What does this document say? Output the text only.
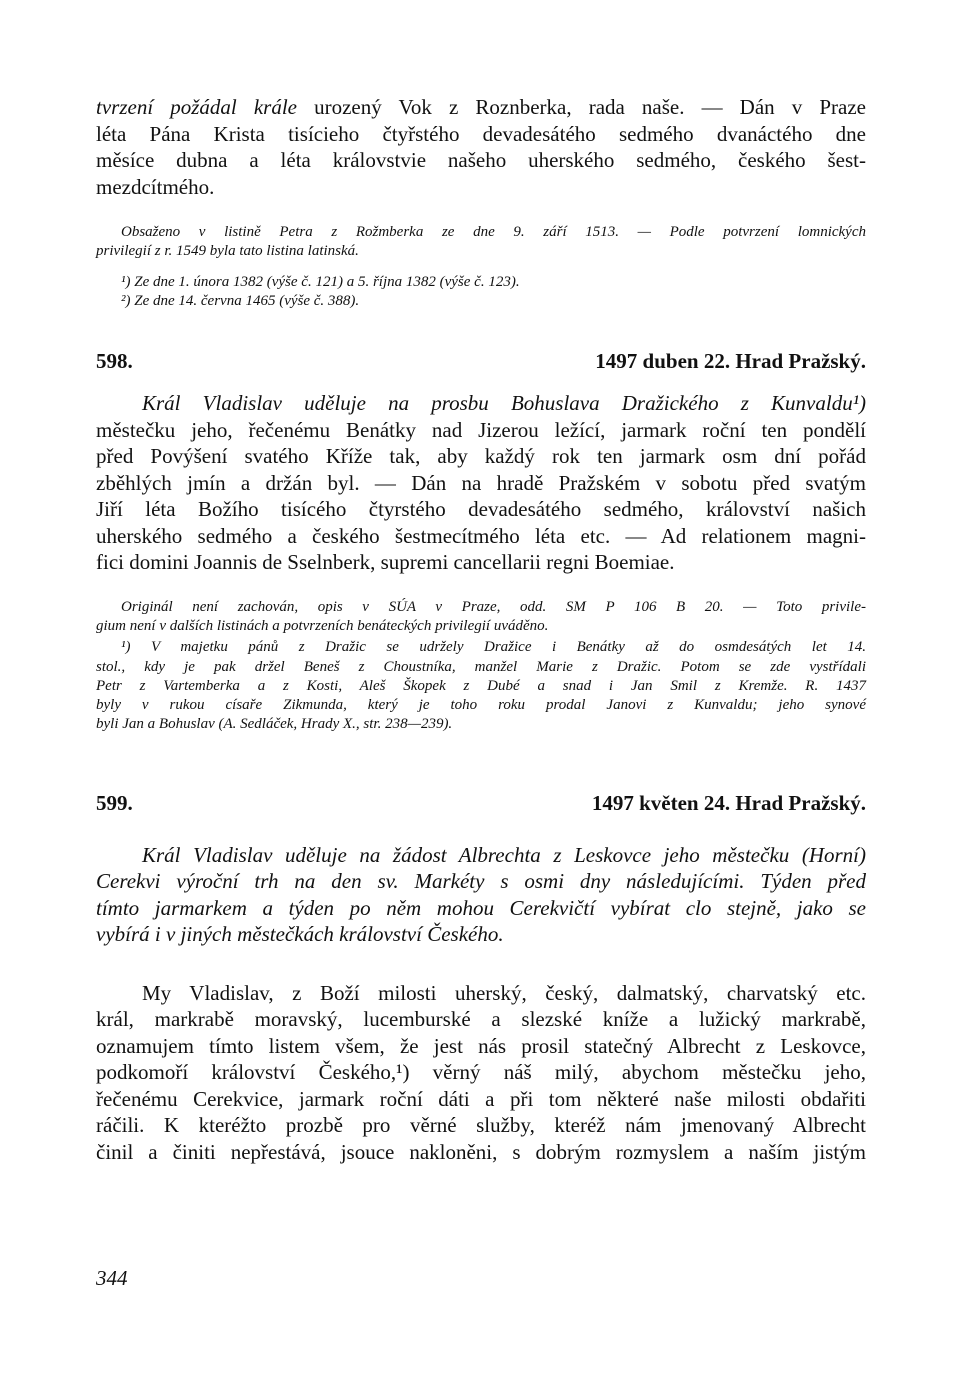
tvrzení požádal krále urozený Vok z Roznberka, rada naše. — Dán v Praze
léta Pána Krista tisícieho čtyřstého devadesátého sedmého dvanáctého dne
měsíce dubna a léta královstvie našeho uherského sedmého, českého šest-
mezdcítmého.
Obsaženo v listině Petra z Rožmberka ze dne 9. září 1513. — Podle potvrzení lomnických
privilegií z r. 1549 byla tato listina latinská.
¹) Ze dne 1. února 1382 (výše č. 121) a 5. října 1382 (výše č. 123).
²) Ze dne 14. června 1465 (výše č. 388).
598.	1497 duben 22. Hrad Pražský.
Král Vladislav uděluje na prosbu Bohuslava Dražického z Kunvaldu¹)
městečku jeho, řečenému Benátky nad Jizerou ležící, jarmark roční ten pondělí
před Povýšení svatého Kříže tak, aby každý rok ten jarmark osm dní pořád
zběhlých jmín a držán byl. — Dán na hradě Pražském v sobotu před svatým
Jiří léta Božího tisícého čtyrstého devadesátého sedmého, království našich
uherského sedmého a českého šestmecítmého léta etc. — Ad relationem magni-
fici domini Joannis de Sselnberk, supremi cancellarii regni Boemiae.
Originál není zachován, opis v SÚA v Praze, odd. SM P 106 B 20. — Toto privile-
gium není v dalších listinách a potvrzeních benáteckých privilegií uváděno.
¹) V majetku pánů z Dražic se udržely Dražice i Benátky až do osmdesátých let 14.
stol., kdy je pak držel Beneš z Choustníka, manžel Marie z Dražic. Potom se zde vystřídali
Petr z Vartemberka a z Kosti, Aleš Škopek z Dubé a snad i Jan Smil z Kremže. R. 1437
byly v rukou císaře Zikmunda, který je toho roku prodal Janovi z Kunvaldu; jeho synové
byli Jan a Bohuslav (A. Sedláček, Hrady X., str. 238—239).
599.	1497 květen 24. Hrad Pražský.
Král Vladislav uděluje na žádost Albrechta z Leskovce jeho městečku (Horní)
Cerekvi výroční trh na den sv. Markéty s osmi dny následujícími. Týden před
tímto jarmarkem a týden po něm mohou Cerekvičtí vybírat clo stejně, jako se
vybírá i v jiných městečkách království Českého.
My Vladislav, z Boží milosti uherský, český, dalmatský, charvatský etc.
král, markrabě moravský, lucemburské a slezské kníže a lužický markrabě,
oznamujem tímto listem všem, že jest nás prosil statečný Albrecht z Leskovce,
podkomoří království Českého,¹) věrný náš milý, abychom městečku jeho,
řečenému Cerekvice, jarmark roční dáti a při tom některé naše milosti obdařiti
ráčili. K kteréžto prozbě pro věrné služby, kteréž nám jmenovaný Albrecht
činil a činiti nepřestává, jsouce nakloněni, s dobrým rozmyslem a naším jistým
344
